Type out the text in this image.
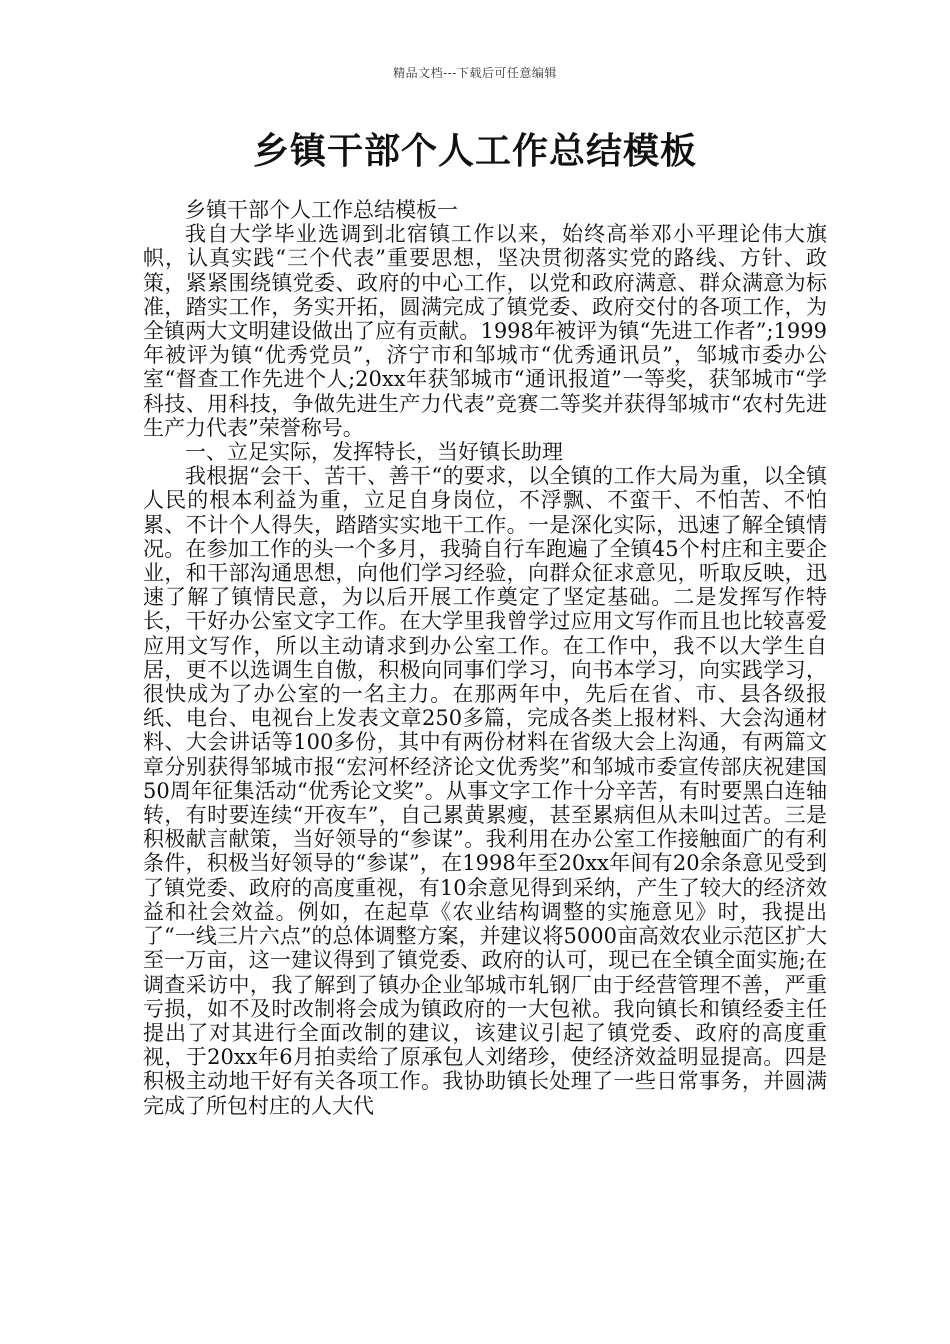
精品文档---下载后可任意编辑
乡镇干部个人工作总结模板

乡镇干部个人工作总结模板一

我自大学毕业选调到北宿镇工作以来，始终高举邓小平理论伟大旗帜，认真实践“三个代表”重要思想，坚决贯彻落实党的路线、方针、政策，紧紧围绕镇党委、政府的中心工作，以党和政府满意、群众满意为标准，踏实工作，务实开拓，圆满完成了镇党委、政府交付的各项工作，为全镇两大文明建设做出了应有贡献。1998年被评为镇“先进工作者”;1999年被评为镇“优秀党员”，济宁市和邹城市“优秀通讯员”，邹城市委办公室“督查工作先进个人;20xx年获邹城市“通讯报道”一等奖，获邹城市“学科技、用科技，争做先进生产力代表”竞赛二等奖并获得邹城市“农村先进生产力代表”荣誉称号。

一、立足实际，发挥特长，当好镇长助理

我根据“会干、苦干、善干“的要求，以全镇的工作大局为重，以全镇人民的根本利益为重，立足自身岗位，不浮飘、不蛮干、不怕苦、不怕累、不计个人得失，踏踏实实地干工作。一是深化实际，迅速了解全镇情况。在参加工作的头一个多月，我骑自行车跑遍了全镇45个村庄和主要企业，和干部沟通思想，向他们学习经验，向群众征求意见，听取反映，迅速了解了镇情民意，为以后开展工作奠定了坚定基础。二是发挥写作特长，干好办公室文字工作。在大学里我曾学过应用文写作而且也比较喜爱应用文写作，所以主动请求到办公室工作。在工作中，我不以大学生自居，更不以选调生自傲，积极向同事们学习，向书本学习，向实践学习，很快成为了办公室的一名主力。在那两年中，先后在省、市、县各级报纸、电台、电视台上发表文章250多篇，完成各类上报材料、大会沟通材料、大会讲话等100多份，其中有两份材料在省级大会上沟通，有两篇文章分别获得邹城市报“宏河杯经济论文优秀奖”和邹城市委宣传部庆祝建国50周年征集活动“优秀论文奖”。从事文字工作十分辛苦，有时要黑白连轴转，有时要连续“开夜车”，自己累黄累瘦，甚至累病但从未叫过苦。三是积极献言献策，当好领导的“参谋”。我利用在办公室工作接触面广的有利条件，积极当好领导的“参谋”，在1998年至20xx年间有20余条意见受到了镇党委、政府的高度重视，有10余意见得到采纳，产生了较大的经济效益和社会效益。例如，在起草《农业结构调整的实施意见》时，我提出了“一线三片六点”的总体调整方案，并建议将5000亩高效农业示范区扩大至一万亩，这一建议得到了镇党委、政府的认可，现已在全镇全面实施;在调查采访中，我了解到了镇办企业邹城市轧钢厂由于经营管理不善，严重亏损，如不及时改制将会成为镇政府的一大包袱。我向镇长和镇经委主任提出了对其进行全面改制的建议，该建议引起了镇党委、政府的高度重视，于20xx年6月拍卖给了原承包人刘绪珍，使经济效益明显提高。四是积极主动地干好有关各项工作。我协助镇长处理了一些日常事务，并圆满完成了所包村庄的人大代
